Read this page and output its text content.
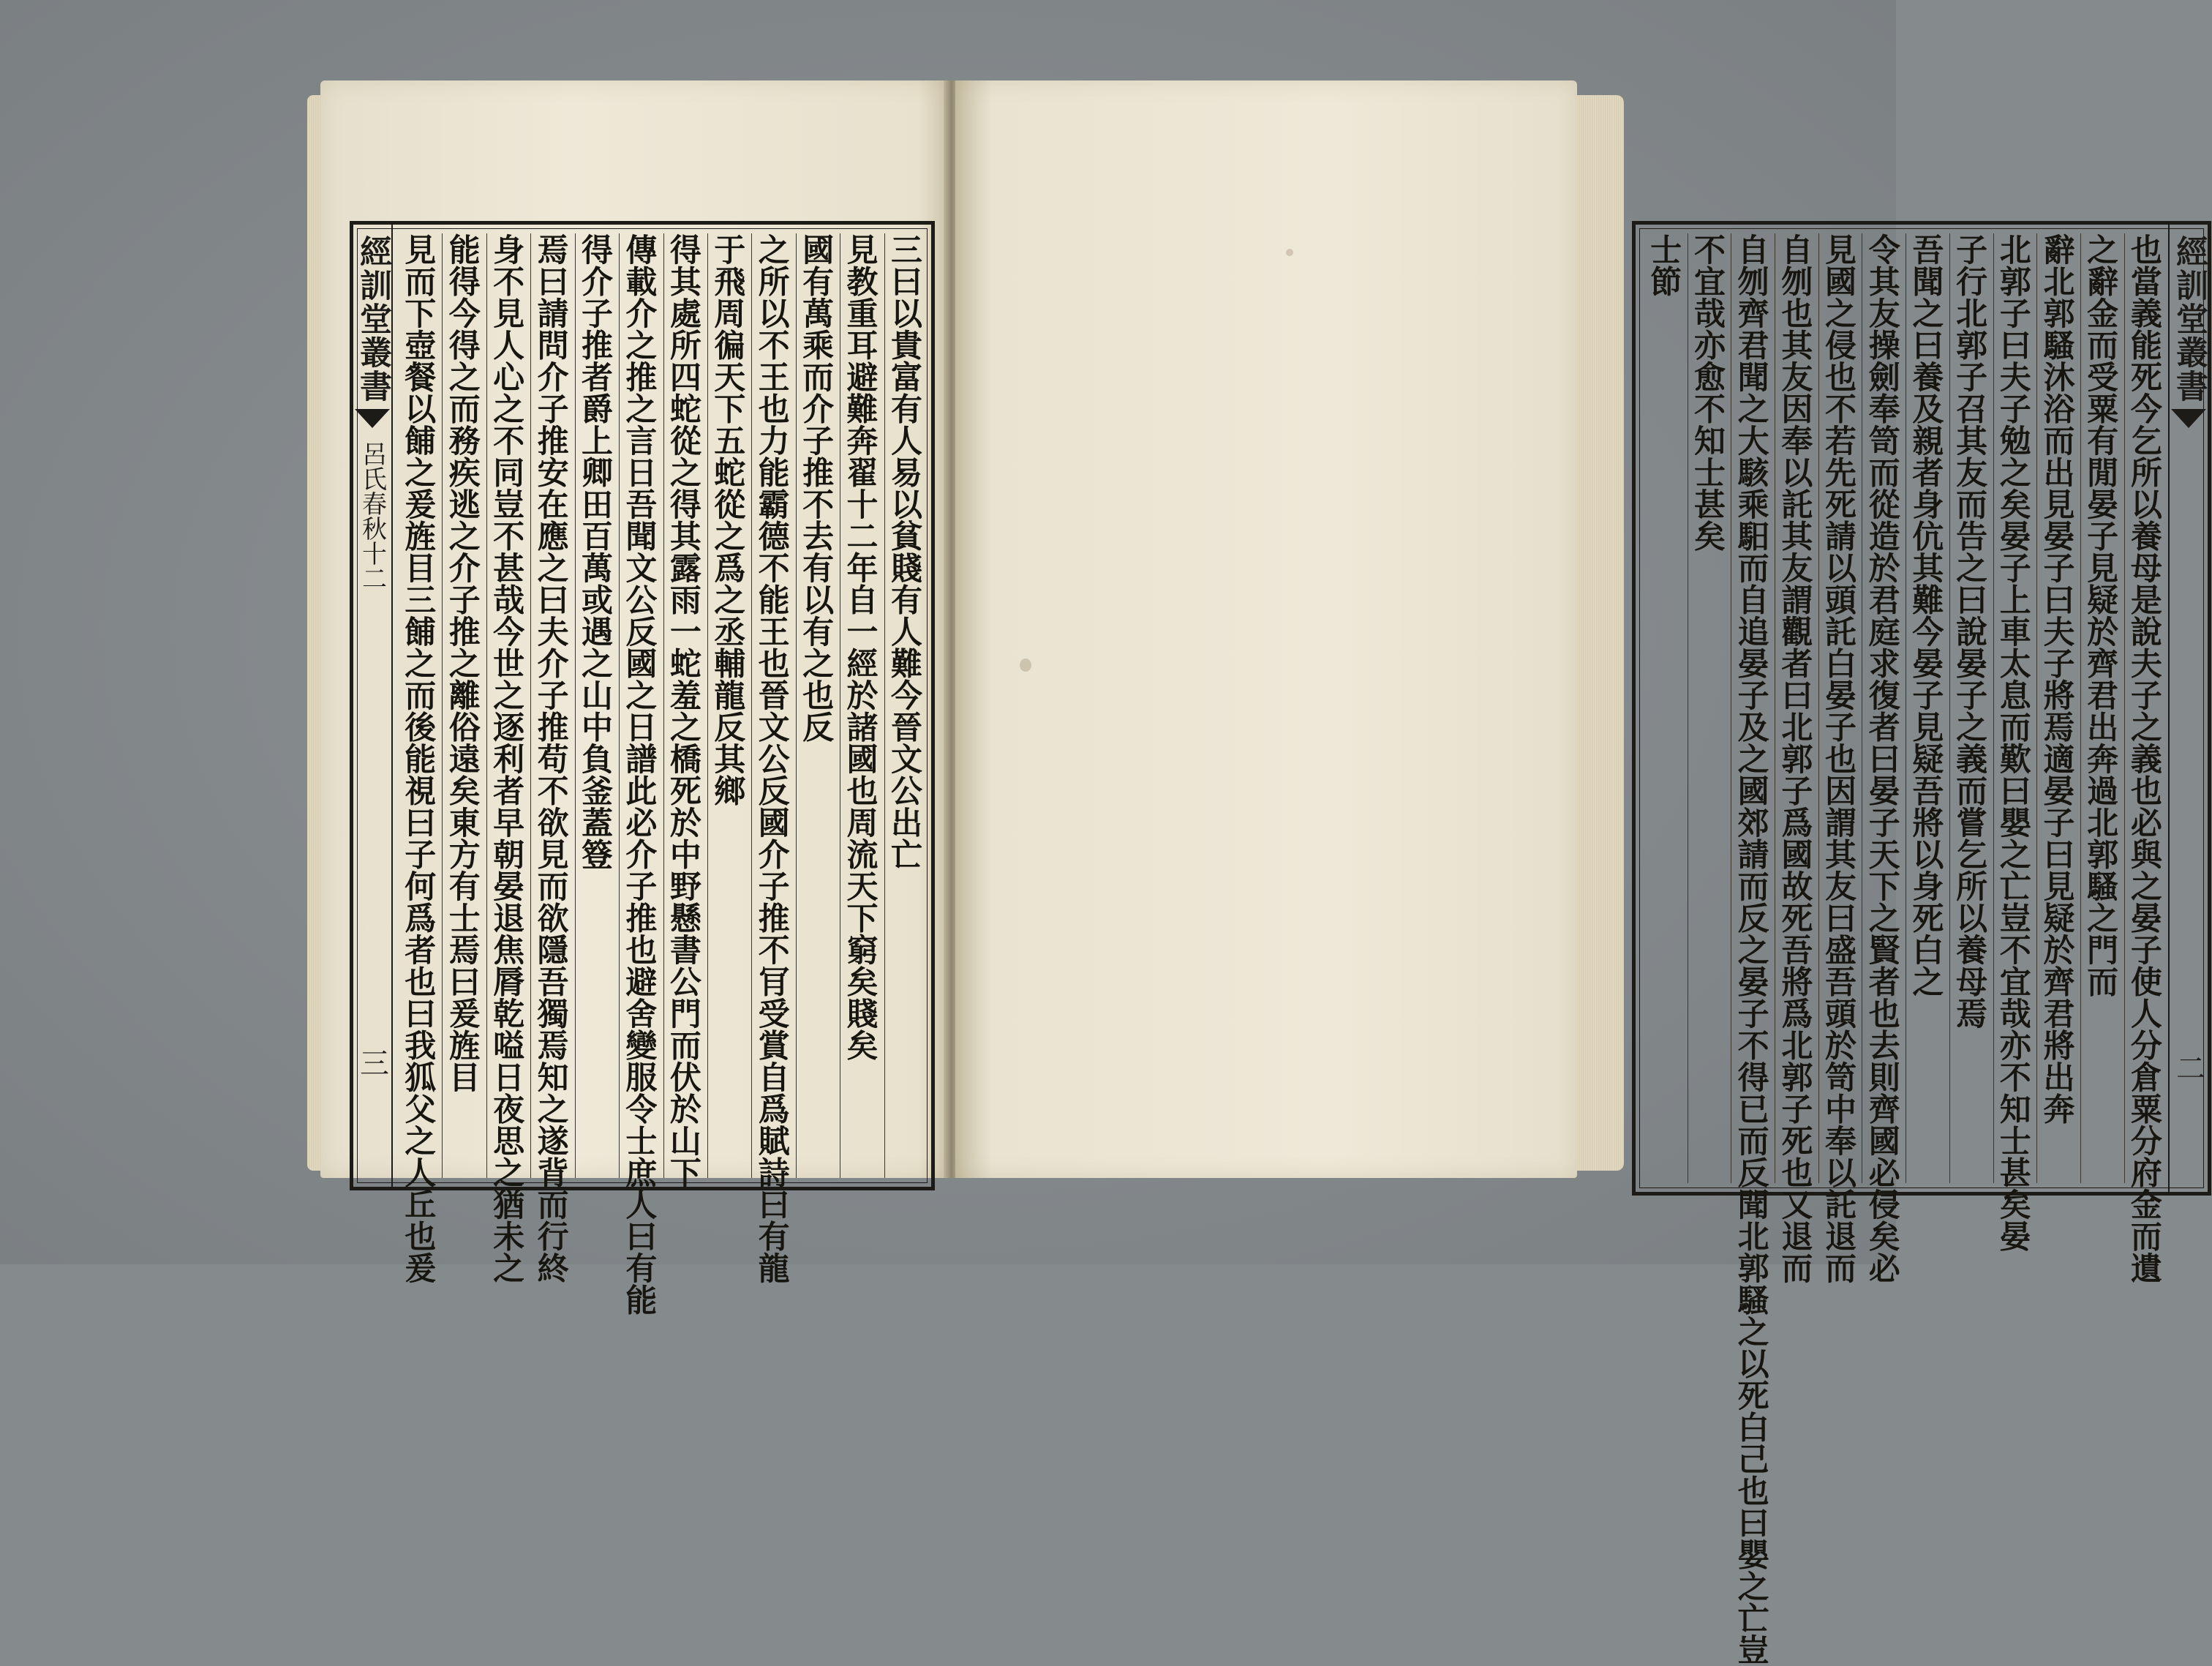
經訓堂叢書
呂氏春秋十二
三
三曰以貴富有人易以貧賤有人難今晉文公出亡
見教重耳避難奔翟十二年自一經於諸國也周流天下窮矣賤矣
國有萬乘而介子推不去有以有之也反
之所以不王也力能霸德不能王也晉文公反國介子推不肎受賞自爲賦詩曰有龍
于飛周徧天下五蛇從之爲之丞輔龍反其鄉
得其處所四蛇從之得其露雨一蛇羞之橋死於中野懸書公門而伏於山下
傳載介之推之言日吾聞文公反國之日譜此必介子推也避舍變服令士庶人曰有能
得介子推者爵上卿田百萬或遇之山中負釜蓋簦
焉曰請問介子推安在應之曰夫介子推苟不欲見而欲隱吾獨焉知之遂背而行終
身不見人心之不同豈不甚哉今世之逐利者早朝晏退焦脣乾嗌日夜思之猶未之
能得今得之而務疾逃之介子推之離俗遠矣東方有士焉曰爰旌目
見而下壺餐以餔之爰旌目三餔之而後能視曰子何爲者也曰我狐父之人丘也爰	也當義能死今乞所以養母是說夫子之義也必與之晏子使人分倉粟分府金而遺
之辭金而受粟有閒晏子見疑於齊君出奔過北郭騷之門而
辭北郭騷沐浴而出見晏子曰夫子將焉適晏子曰見疑於齊君將出奔
北郭子曰夫子勉之矣晏子上車太息而歎曰嬰之亡豈不宜哉亦不知士甚矣晏
子行北郭子召其友而告之曰說晏子之義而嘗乞所以養母焉
吾聞之曰養及親者身伉其難今晏子見疑吾將以身死白之
令其友操劍奉笥而從造於君庭求復者曰晏子天下之賢者也去則齊國必侵矣必
見國之侵也不若先死請以頭託白晏子也因謂其友曰盛吾頭於笥中奉以託退而
自刎也其友因奉以託其友謂觀者曰北郭子爲國故死吾將爲北郭子死也又退而
自刎齊君聞之大駭乘馹而自追晏子及之國郊請而反之晏子不得已而反聞北郭騷之以死白己也曰嬰之亡豈
不宜哉亦愈不知士甚矣
士節	經訓堂叢書
二
